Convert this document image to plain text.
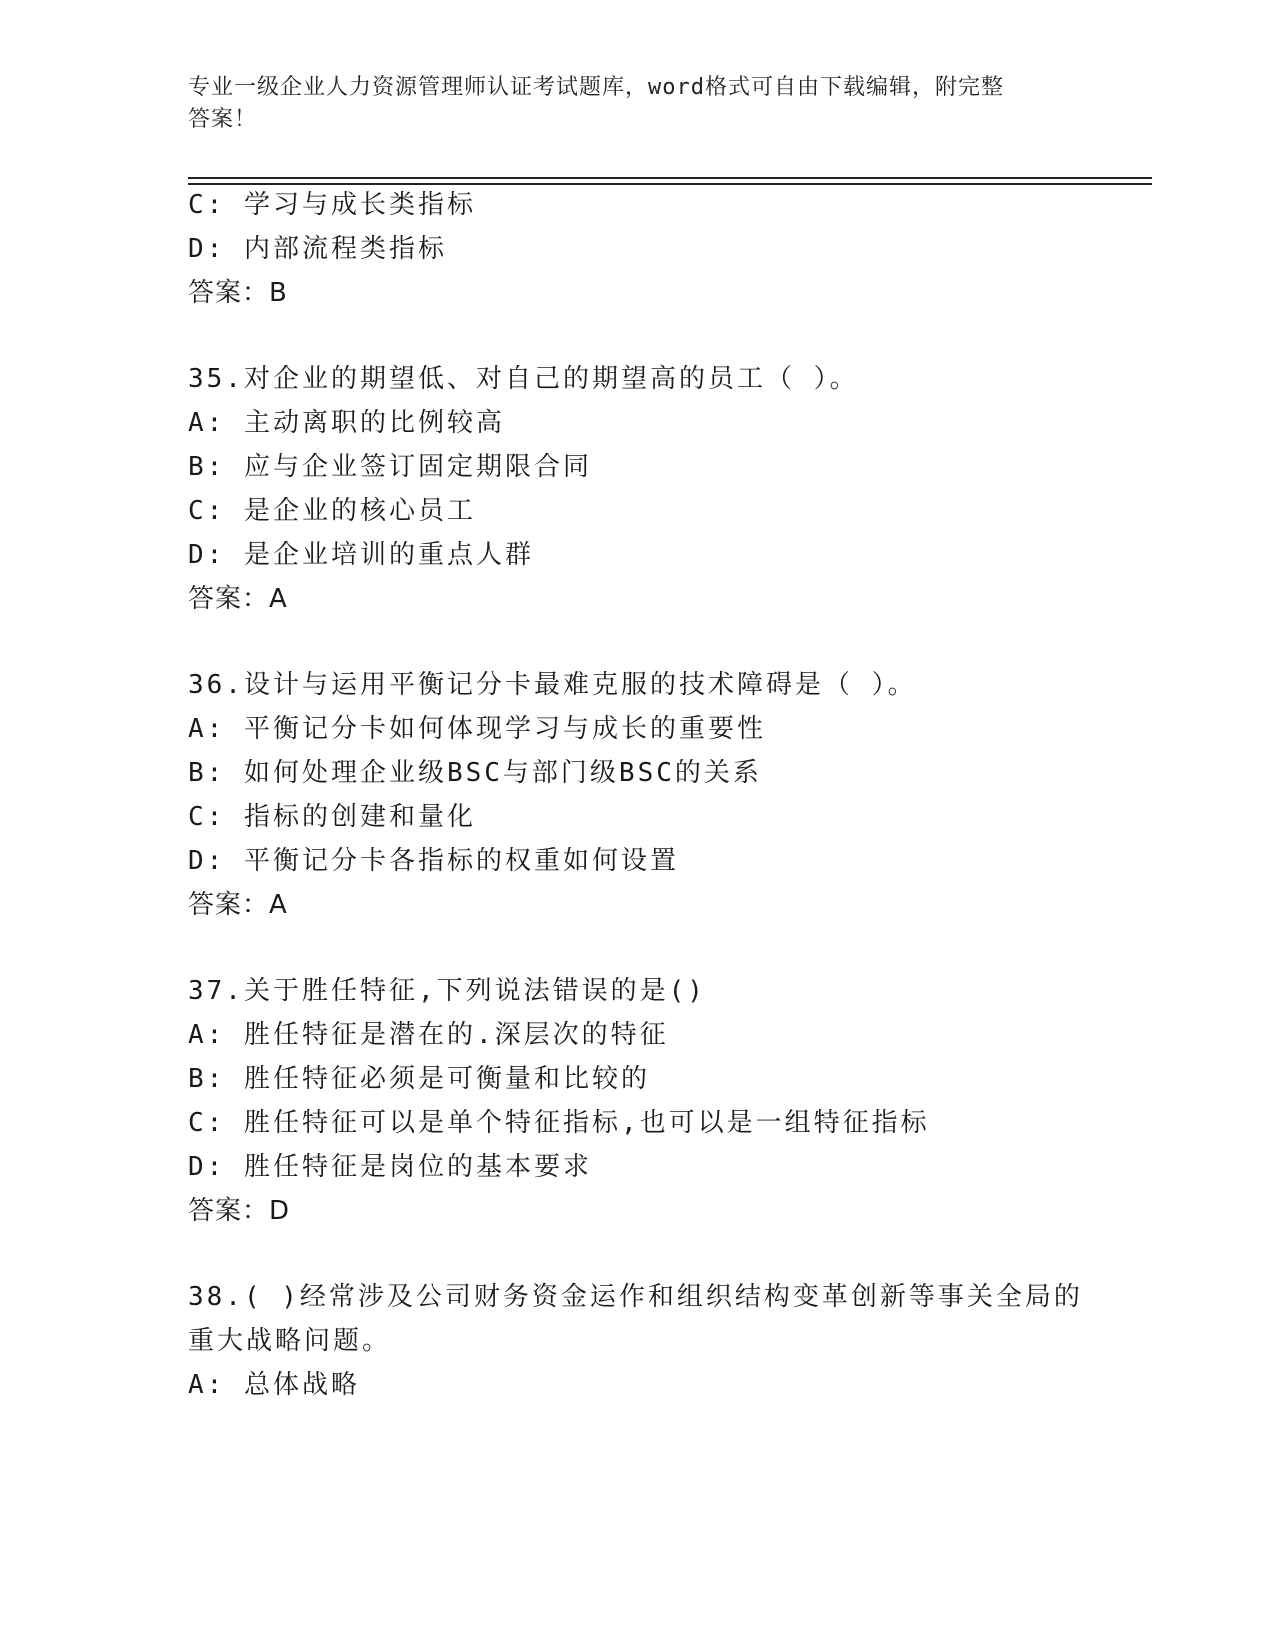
专业一级企业人力资源管理师认证考试题库，word格式可自由下载编辑，附完整
答案！
C: 学习与成长类指标
D: 内部流程类指标
答案：B
35.对企业的期望低、对自己的期望高的员工（ ）。
A: 主动离职的比例较高
B: 应与企业签订固定期限合同
C: 是企业的核心员工
D: 是企业培训的重点人群
答案：A
36.设计与运用平衡记分卡最难克服的技术障碍是（ ）。
A: 平衡记分卡如何体现学习与成长的重要性
B: 如何处理企业级BSC与部门级BSC的关系
C: 指标的创建和量化
D: 平衡记分卡各指标的权重如何设置
答案：A
37.关于胜任特征,下列说法错误的是()
A: 胜任特征是潜在的.深层次的特征
B: 胜任特征必须是可衡量和比较的
C: 胜任特征可以是单个特征指标,也可以是一组特征指标
D: 胜任特征是岗位的基本要求
答案：D
38.( )经常涉及公司财务资金运作和组织结构变革创新等事关全局的
重大战略问题。
A: 总体战略
